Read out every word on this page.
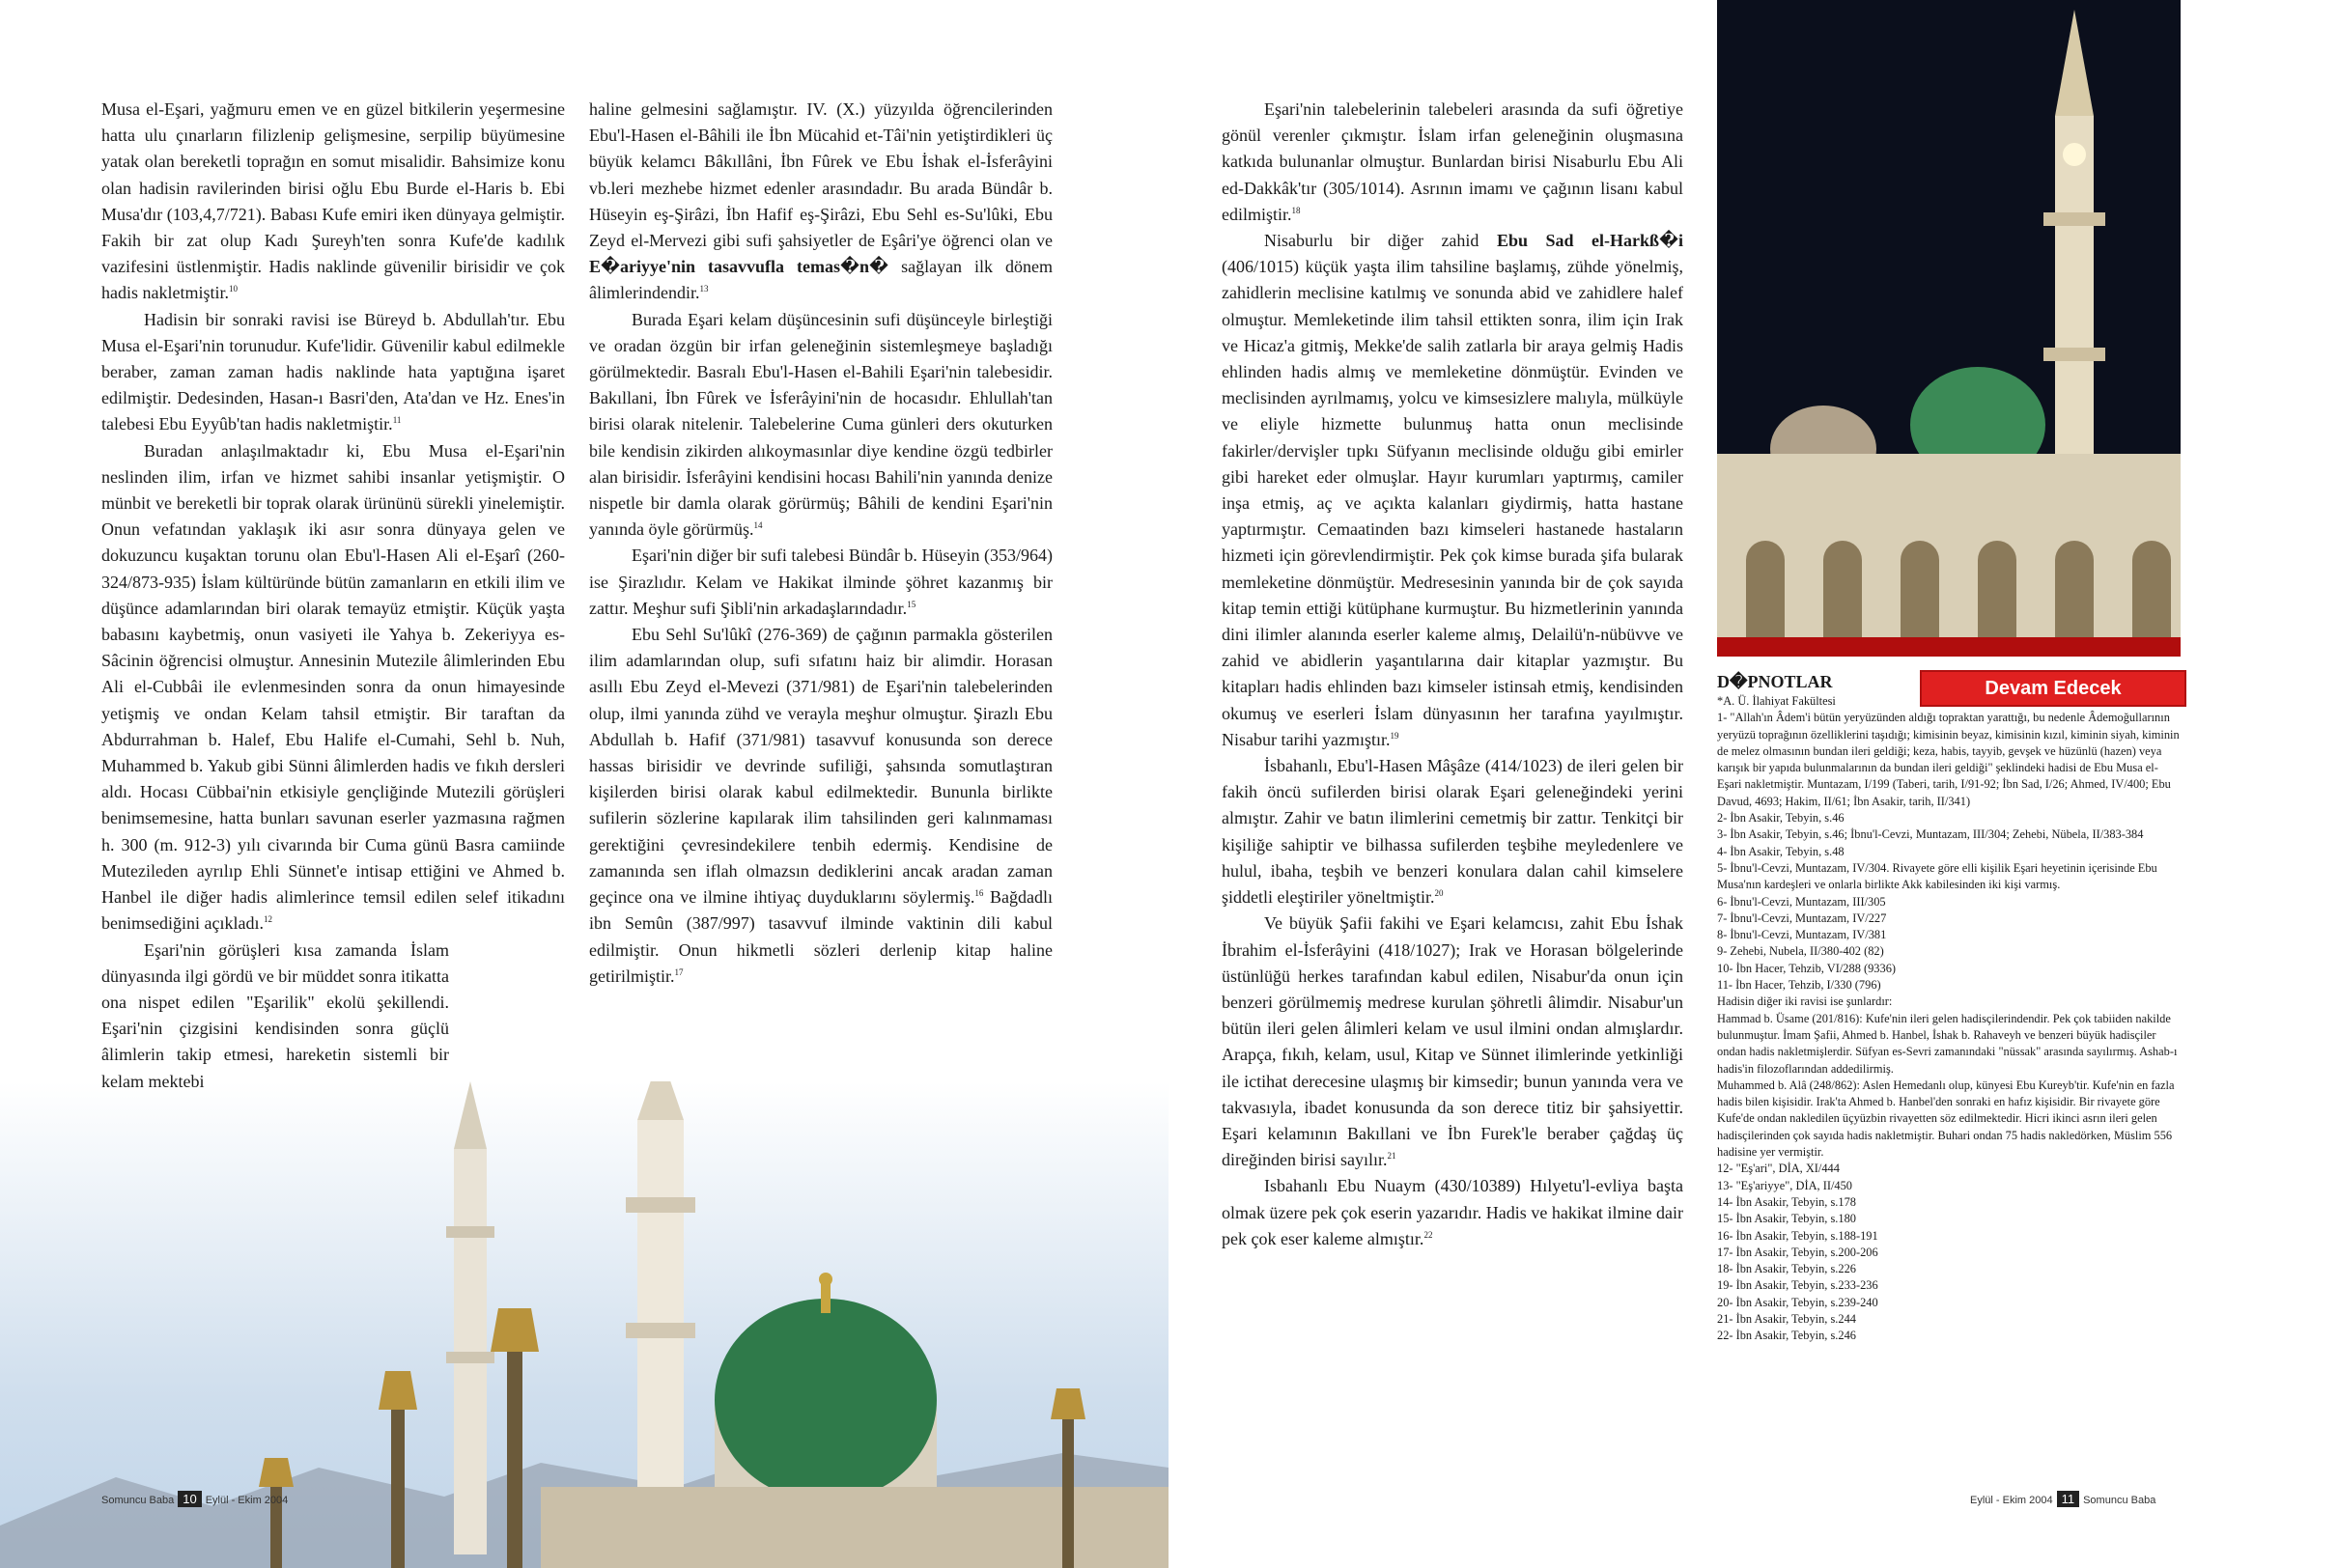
Musa el-Eşari, yağmuru emen ve en güzel bitkilerin yeşermesine hatta ulu çınarların filizlenip gelişmesine, serpilip büyümesine yatak olan bereketli toprağın en somut misalidir. Bahsimize konu olan hadisin ravilerinden birisi oğlu Ebu Burde el-Haris b. Ebi Musa'dır (103,4,7/721). Babası Kufe emiri iken dünyaya gelmiştir. Fakih bir zat olup Kadı Şureyh'ten sonra Kufe'de kadılık vazifesini üstlenmiştir. Hadis naklinde güvenilir birisidir ve çok hadis nakletmiştir.$^{10}$

Hadisin bir sonraki ravisi ise Büreyd b. Abdullah'tır. Ebu Musa el-Eşari'nin torunudur. Kufe'lidir. Güvenilir kabul edilmekle beraber, zaman zaman hadis naklinde hata yaptığına işaret edilmiştir. Dedesinden, Hasan-ı Basri'den, Ata'dan ve Hz. Enes'in talebesi Ebu Eyyûb'tan hadis nakletmiştir.$^{11}$

Buradan anlaşılmaktadır ki, Ebu Musa el-Eşari'nin neslinden ilim, irfan ve hizmet sahibi insanlar yetişmiştir. O münbit ve bereketli bir toprak olarak ürününü sürekli yinelemiştir. Onun vefatından yaklaşık iki asır sonra dünyaya gelen ve dokuzuncu kuşaktan torunu olan Ebu'l-Hasen Ali el-Eşarî (260-324/873-935) İslam kültüründe bütün zamanların en etkili ilim ve düşünce adamlarından biri olarak temayüz etmiştir. Küçük yaşta babasını kaybetmiş, onun vasiyeti ile Yahya b. Zekeriyya es-Sâcinin öğrencisi olmuştur. Annesinin Mutezile âlimlerinden Ebu Ali el-Cubbâi ile evlenmesinden sonra da onun himayesinde yetişmiş ve ondan Kelam tahsil etmiştir. Bir taraftan da Abdurrahman b. Halef, Ebu Halife el-Cumahi, Sehl b. Nuh, Muhammed b. Yakub gibi Sünni âlimlerden hadis ve fıkıh dersleri aldı. Hocası Cübbai'nin etkisiyle gençliğinde Mutezili görüşleri benimsemesine, hatta bunları savunan eserler yazmasına rağmen h. 300 (m. 912-3) yılı civarında bir Cuma günü Basra camiinde Mutezileden ayrılıp Ehli Sünnet'e intisap ettiğini ve Ahmed b. Hanbel ile diğer hadis alimlerince temsil edilen selef itikadını benimsediğini açıkladı.$^{12}$

Eşari'nin görüşleri kısa zamanda İslam dünyasında ilgi gördü ve bir müddet sonra itikatta ona nispet edilen "Eşarilik" ekolü şekillendi. Eşari'nin çizgisini kendisinden sonra güçlü âlimlerin takip etmesi, hareketin sistemli bir kelam mektebi

haline gelmesini sağlamıştır. IV. (X.) yüzyılda öğrencilerinden Ebu'l-Hasen el-Bâhili ile İbn Mücahid et-Tâi'nin yetiştirdikleri üç büyük kelamcı Bâkıllâni, İbn Fûrek ve Ebu İshak el-İsferâyini vb.leri mezhebe hizmet edenler arasındadır. Bu arada Bündâr b. Hüseyin eş-Şirâzi, İbn Hafif eş-Şirâzi, Ebu Sehl es-Su'lûki, Ebu Zeyd el-Mervezi gibi sufi şahsiyetler de Eşâri'ye öğrenci olan ve E�ariyye'nin tasavvufla temas�n� sağlayan ilk dönem âlimlerindendir.$^{13}$

Burada Eşari kelam düşüncesinin sufi düşünceyle birleştiği ve oradan özgün bir irfan geleneğinin sistemleşmeye başladığı görülmektedir. Basralı Ebu'l-Hasen el-Bahili Eşari'nin talebesidir. Bakıllani, İbn Fûrek ve İsferâyini'nin de hocasıdır. Ehlullah'tan birisi olarak nitelenir. Talebelerine Cuma günleri ders okuturken bile kendisin zikirden alıkoymasınlar diye kendine özgü tedbirler alan birisidir. İsferâyini kendisini hocası Bahili'nin yanında denize nispetle bir damla olarak görürmüş; Bâhili de kendini Eşari'nin yanında öyle görürmüş.$^{14}$

Eşari'nin diğer bir sufi talebesi Bündâr b. Hüseyin (353/964) ise Şirazlıdır. Kelam ve Hakikat ilminde şöhret kazanmış bir zattır. Meşhur sufi Şibli'nin arkadaşlarındadır.$^{15}$

Ebu Sehl Su'lûkî (276-369) de çağının parmakla gösterilen ilim adamlarından olup, sufi sıfatını haiz bir alimdir. Horasan asıllı Ebu Zeyd el-Mevezi (371/981) de Eşari'nin talebelerinden olup, ilmi yanında zühd ve verayla meşhur olmuştur. Şirazlı Ebu Abdullah b. Hafif (371/981) tasavvuf konusunda son derece hassas birisidir ve devrinde sufiliği, şahsında somutlaştıran kişilerden birisi olarak kabul edilmektedir. Bununla birlikte sufilerin sözlerine kapılarak ilim tahsilinden geri kalınmaması gerektiğini çevresindekilere tenbih edermiş. Kendisine de zamanında sen iflah olmazsın dediklerini ancak aradan zaman geçince ona ve ilmine ihtiyaç duyduklarını söylermiş.$^{16}$ Bağdadlı ibn Semûn (387/997) tasavvuf ilminde vaktinin dili kabul edilmiştir. Onun hikmetli sözleri derlenip kitap haline getirilmiştir.$^{17}$

Somuncu Baba 10 Eylül - Ekim 2004

Eşari'nin talebelerinin talebeleri arasında da sufi öğretiye gönül verenler çıkmıştır. İslam irfan geleneğinin oluşmasına katkıda bulunanlar olmuştur. Bunlardan birisi Nisaburlu Ebu Ali ed-Dakkâk'tır (305/1014). Asrının imamı ve çağının lisanı kabul edilmiştir.$^{18}$

Nisaburlu bir diğer zahid Ebu Sad el-Harkß�i (406/1015) küçük yaşta ilim tahsiline başlamış, zühde yönelmiş, zahidlerin meclisine katılmış ve sonunda abid ve zahidlere halef olmuştur. Memleketinde ilim tahsil ettikten sonra, ilim için Irak ve Hicaz'a gitmiş, Mekke'de salih zatlarla bir araya gelmiş Hadis ehlinden hadis almış ve memleketine dönmüştür. Evinden ve meclisinden ayrılmamış, yolcu ve kimsesizlere malıyla, mülküyle ve eliyle hizmette bulunmuş hatta onun meclisinde fakirler/dervişler tıpkı Süfyanın meclisinde olduğu gibi emirler gibi hareket eder olmuşlar. Hayır kurumları yaptırmış, camiler inşa etmiş, aç ve açıkta kalanları giydirmiş, hatta hastane yaptırmıştır. Cemaatinden bazı kimseleri hastanede hastaların hizmeti için görevlendirmiştir. Pek çok kimse burada şifa bularak memleketine dönmüştür. Medresesinin yanında bir de çok sayıda kitap temin ettiği kütüphane kurmuştur. Bu hizmetlerinin yanında dini ilimler alanında eserler kaleme almış, Delailü'n-nübüvve ve zahid ve abidlerin yaşantılarına dair kitaplar yazmıştır. Bu kitapları hadis ehlinden bazı kimseler istinsah etmiş, kendisinden okumuş ve eserleri İslam dünyasının her tarafına yayılmıştır. Nisabur tarihi yazmıştır.$^{19}$

İsbahanlı, Ebu'l-Hasen Mâşâze (414/1023) de ileri gelen bir fakih öncü sufilerden birisi olarak Eşari geleneğindeki yerini almıştır. Zahir ve batın ilimlerini cemetmiş bir zattır. Tenkitçi bir kişiliğe sahiptir ve bilhassa sufilerden teşbihe meyledenlere ve hulul, ibaha, teşbih ve benzeri konulara dalan cahil kimselere şiddetli eleştiriler yöneltmiştir.$^{20}$

Ve büyük Şafii fakihi ve Eşari kelamcısı, zahit Ebu İshak İbrahim el-İsferâyini (418/1027); Irak ve Horasan bölgelerinde üstünlüğü herkes tarafından kabul edilen, Nisabur'da onun için benzeri görülmemiş medrese kurulan şöhretli âlimdir. Nisabur'un bütün ileri gelen âlimleri kelam ve usul ilmini ondan almışlardır. Arapça, fıkıh, kelam, usul, Kitap ve Sünnet ilimlerinde yetkinliği ile ictihat derecesine ulaşmış bir kimsedir; bunun yanında vera ve takvasıyla, ibadet konusunda da son derece titiz bir şahsiyettir. Eşari kelamının Bakıllani ve İbn Furek'le beraber çağdaş üç direğinden birisi sayılır.$^{21}$

Isbahanlı Ebu Nuaym (430/10389) Hılyetu'l-evliya başta olmak üzere pek çok eserin yazarıdır. Hadis ve hakikat ilmine dair pek çok eser kaleme almıştır.$^{22}$

D�PNOTLAR
*A. Ü. İlahiyat Fakültesi
1- "Allah'ın Âdem'i bütün yeryüzünden aldığı topraktan yarattığı, bu nedenle Âdemoğullarının yeryüzü toprağının özelliklerini taşıdığı; kimisinin beyaz, kimisinin kızıl, kiminin siyah, kiminin de melez olmasının bundan ileri geldiği; keza, habis, tayyib, gevşek ve hüzünlü (hazen) veya karışık bir yapıda bulunmalarının da bundan ileri geldiği" şeklindeki hadisi de Ebu Musa el-Eşari nakletmiştir. Muntazam, I/199 (Taberi, tarih, I/91-92; İbn Sad, I/26; Ahmed, IV/400; Ebu Davud, 4693; Hakim, II/61; İbn Asakir, tarih, II/341)
2- İbn Asakir, Tebyin, s.46
3- İbn Asakir, Tebyin, s.46; İbnu'l-Cevzi, Muntazam, III/304; Zehebi, Nübela, II/383-384
4- İbn Asakir, Tebyin, s.48
5- İbnu'l-Cevzi, Muntazam, IV/304. Rivayete göre elli kişilik Eşari heyetinin içerisinde Ebu Musa'nın kardeşleri ve onlarla birlikte Akk kabilesinden iki kişi varmış.
6- İbnu'l-Cevzi, Muntazam, III/305
7- İbnu'l-Cevzi, Muntazam, IV/227
8- İbnu'l-Cevzi, Muntazam, IV/381
9- Zehebi, Nubela, II/380-402 (82)
10- İbn Hacer, Tehzib, VI/288 (9336)
11- İbn Hacer, Tehzib, I/330 (796)
Hadisin diğer iki ravisi ise şunlardır:
Hammad b. Üsame (201/816): Kufe'nin ileri gelen hadisçilerindendir. Pek çok tabiiden nakilde bulunmuştur. İmam Şafii, Ahmed b. Hanbel, İshak b. Rahaveyh ve benzeri büyük hadisçiler ondan hadis nakletmişlerdir. Süfyan es-Sevri zamanındaki "nüssak" arasında sayılırmış. Ashab-ı hadis'in filozoflarından addedilirmiş.
Muhammed b. Alâ (248/862): Aslen Hemedanlı olup, künyesi Ebu Kureyb'tir. Kufe'nin en fazla hadis bilen kişisidir. Irak'ta Ahmed b. Hanbel'den sonraki en hafız kişisidir. Bir rivayete göre Kufe'de ondan nakledilen üçyüzbin rivayetten söz edilmektedir. Hicri ikinci asrın ileri gelen hadisçilerinden çok sayıda hadis nakletmiştir. Buhari ondan 75 hadis nakledörken, Müslim 556 hadisine yer vermiştir.
12- "Eş'ari", DİA, XI/444
13- "Eş'ariyye", DİA, II/450
14- İbn Asakir, Tebyin, s.178
15- İbn Asakir, Tebyin, s.180
16- İbn Asakir, Tebyin, s.188-191
17- İbn Asakir, Tebyin, s.200-206
18- İbn Asakir, Tebyin, s.226
19- İbn Asakir, Tebyin, s.233-236
20- İbn Asakir, Tebyin, s.239-240
21- İbn Asakir, Tebyin, s.244
22- İbn Asakir, Tebyin, s.246
Eylül - Ekim 2004 11 Somuncu Baba
Devam Edecek
